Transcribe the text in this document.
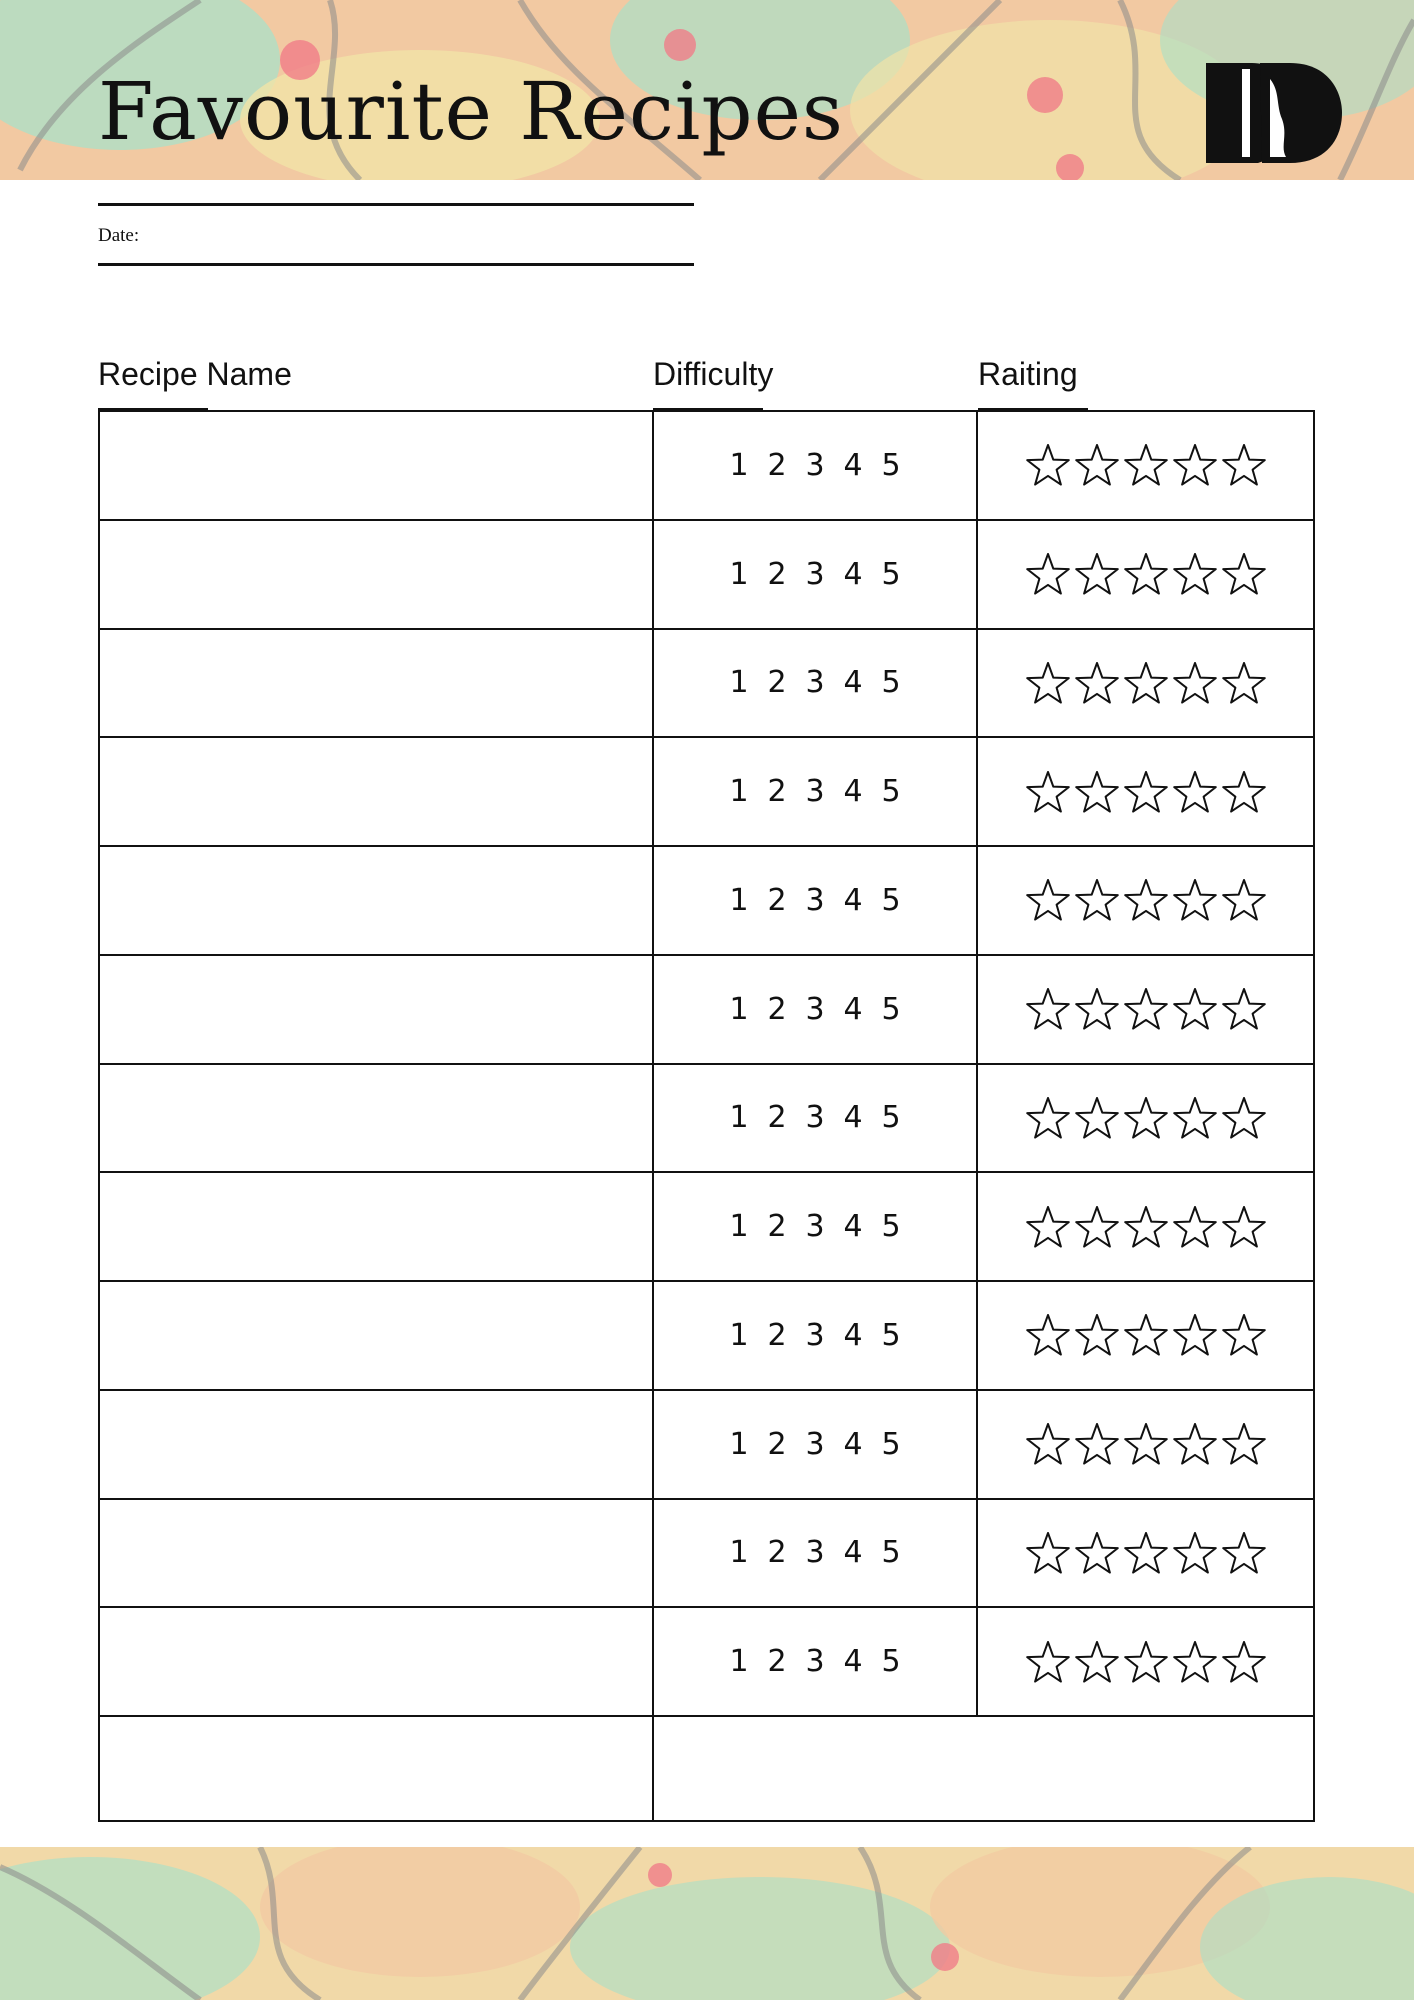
Favourite Recipes
Date:
Recipe Name	Difficulty	Raiting
1 2 3 4 5
1 2 3 4 5
1 2 3 4 5
1 2 3 4 5
1 2 3 4 5
1 2 3 4 5
1 2 3 4 5
1 2 3 4 5
1 2 3 4 5
1 2 3 4 5
1 2 3 4 5
1 2 3 4 5
